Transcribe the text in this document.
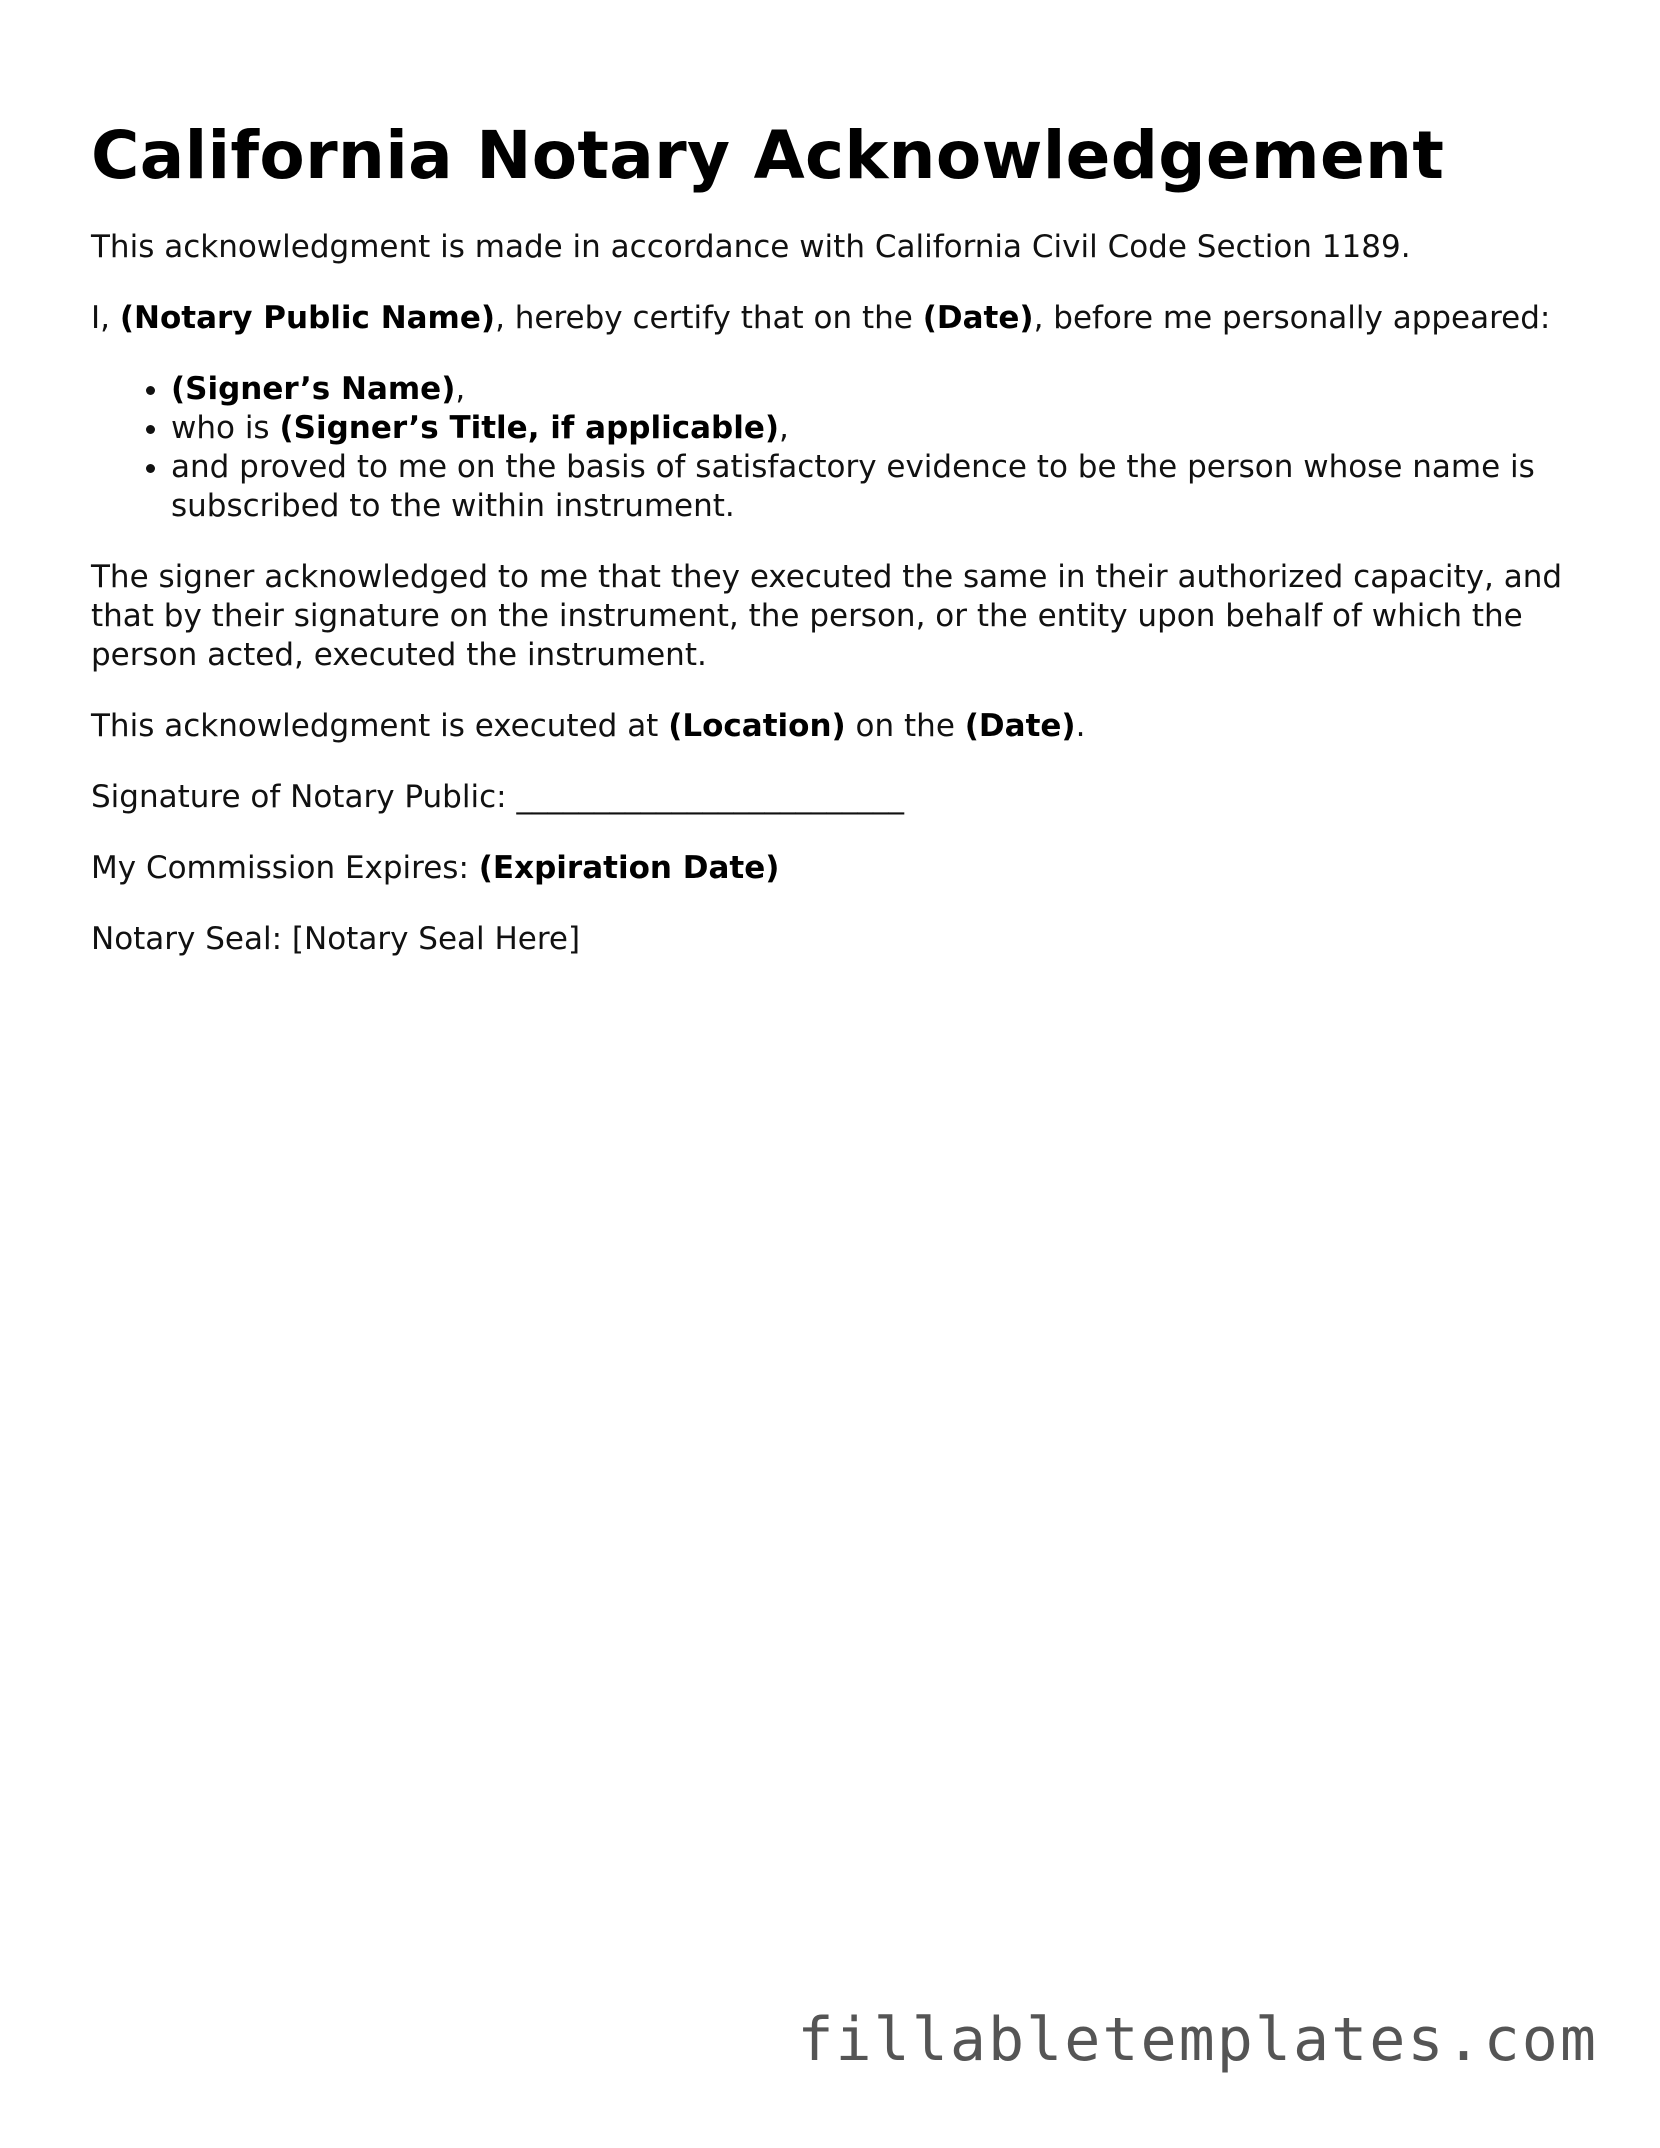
California Notary Acknowledgement

This acknowledgment is made in accordance with California Civil Code Section 1189.

I, (Notary Public Name), hereby certify that on the (Date), before me personally appeared:

• (Signer’s Name),
• who is (Signer’s Title, if applicable),
• and proved to me on the basis of satisfactory evidence to be the person whose name is subscribed to the within instrument.

The signer acknowledged to me that they executed the same in their authorized capacity, and that by their signature on the instrument, the person, or the entity upon behalf of which the person acted, executed the instrument.

This acknowledgment is executed at (Location) on the (Date).

Signature of Notary Public: _________________________

My Commission Expires: (Expiration Date)

Notary Seal: [Notary Seal Here]

fillabletemplates.com
